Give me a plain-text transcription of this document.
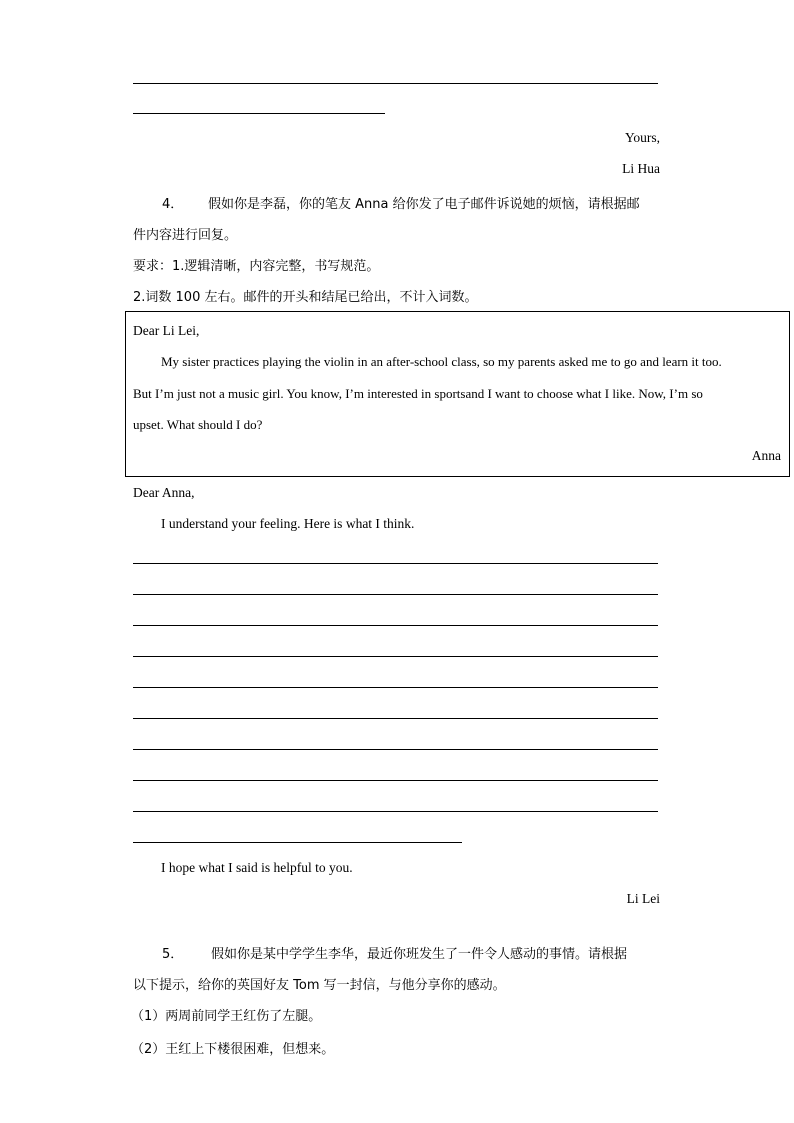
Yours,
Li Hua
4． 假如你是李磊，你的笔友 Anna 给你发了电子邮件诉说她的烦恼，请根据邮
件内容进行回复。
要求：1.逻辑清晰，内容完整，书写规范。
2.词数 100 左右。邮件的开头和结尾已给出，不计入词数。
Dear Li Lei,
My sister practices playing the violin in an after-school class, so my parents asked me to go and learn it too.
But I’m just not a music girl. You know, I’m interested in sportsand I want to choose what I like. Now, I’m so
upset. What should I do?
Anna
Dear Anna,
I understand your feeling. Here is what I think.
I hope what I said is helpful to you.
Li Lei
5． 假如你是某中学学生李华，最近你班发生了一件令人感动的事情。请根据
以下提示，给你的英国好友 Tom 写一封信，与他分享你的感动。
（1）两周前同学王红伤了左腿。
（2）王红上下楼很困难，但想来。
